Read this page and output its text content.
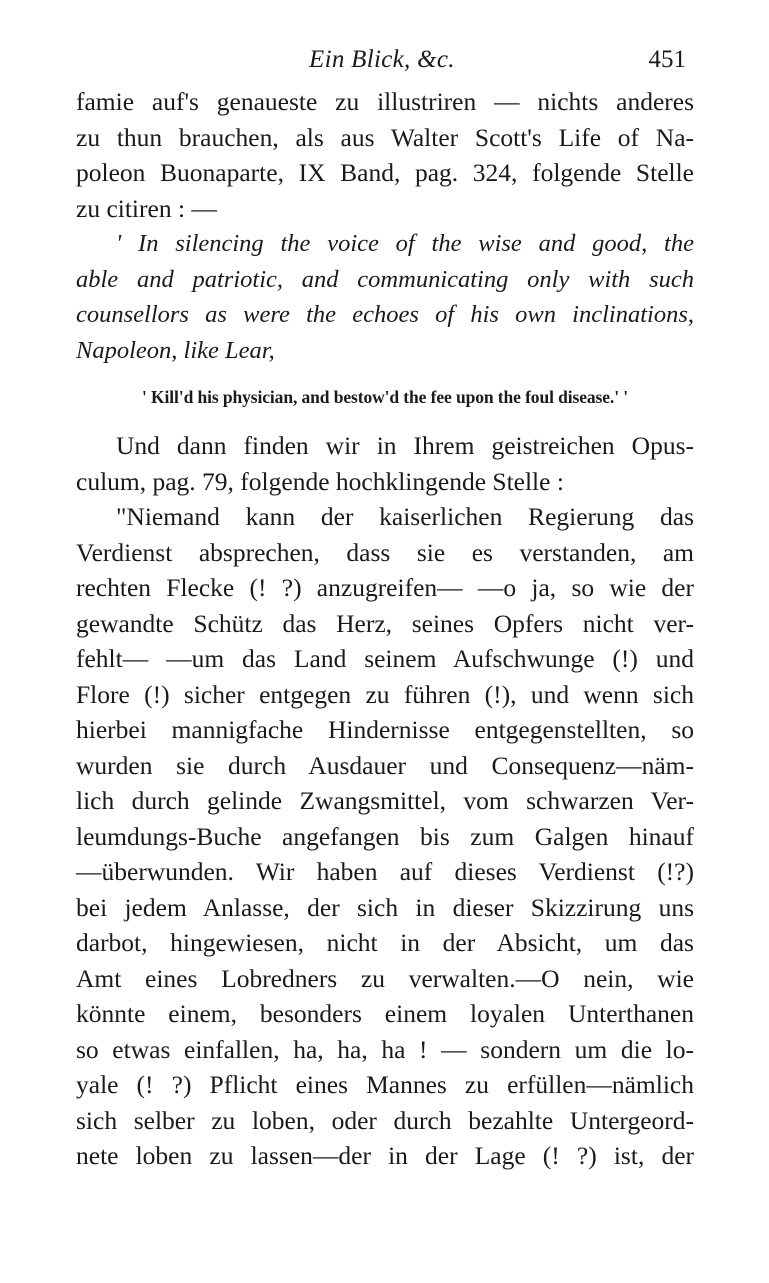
Ein Blick, &c.	451
famie auf's genaueste zu illustriren — nichts anderes
zu thun brauchen, als aus Walter Scott's Life of Na-
poleon Buonaparte, IX Band, pag. 324, folgende Stelle
zu citiren : —
' In silencing the voice of the wise and good, the
able and patriotic, and communicating only with such
counsellors as were the echoes of his own inclinations,
Napoleon, like Lear,
' Kill'd his physician, and bestow'd the fee upon the foul disease.' '
Und dann finden wir in Ihrem geistreichen Opus-
culum, pag. 79, folgende hochklingende Stelle :
"Niemand kann der kaiserlichen Regierung das
Verdienst absprechen, dass sie es verstanden, am
rechten Flecke (! ?) anzugreifen— —o ja, so wie der
gewandte Schütz das Herz, seines Opfers nicht ver-
fehlt— —um das Land seinem Aufschwunge (!) und
Flore (!) sicher entgegen zu führen (!), und wenn sich
hierbei mannigfache Hindernisse entgegenstellten, so
wurden sie durch Ausdauer und Consequenz—näm-
lich durch gelinde Zwangsmittel, vom schwarzen Ver-
leumdungs-Buche angefangen bis zum Galgen hinauf
—überwunden. Wir haben auf dieses Verdienst (!?)
bei jedem Anlasse, der sich in dieser Skizzirung uns
darbot, hingewiesen, nicht in der Absicht, um das
Amt eines Lobredners zu verwalten.—O nein, wie
könnte einem, besonders einem loyalen Unterthanen
so etwas einfallen, ha, ha, ha ! — sondern um die lo-
yale (! ?) Pflicht eines Mannes zu erfüllen—nämlich
sich selber zu loben, oder durch bezahlte Untergeord-
nete loben zu lassen—der in der Lage (! ?) ist, der
